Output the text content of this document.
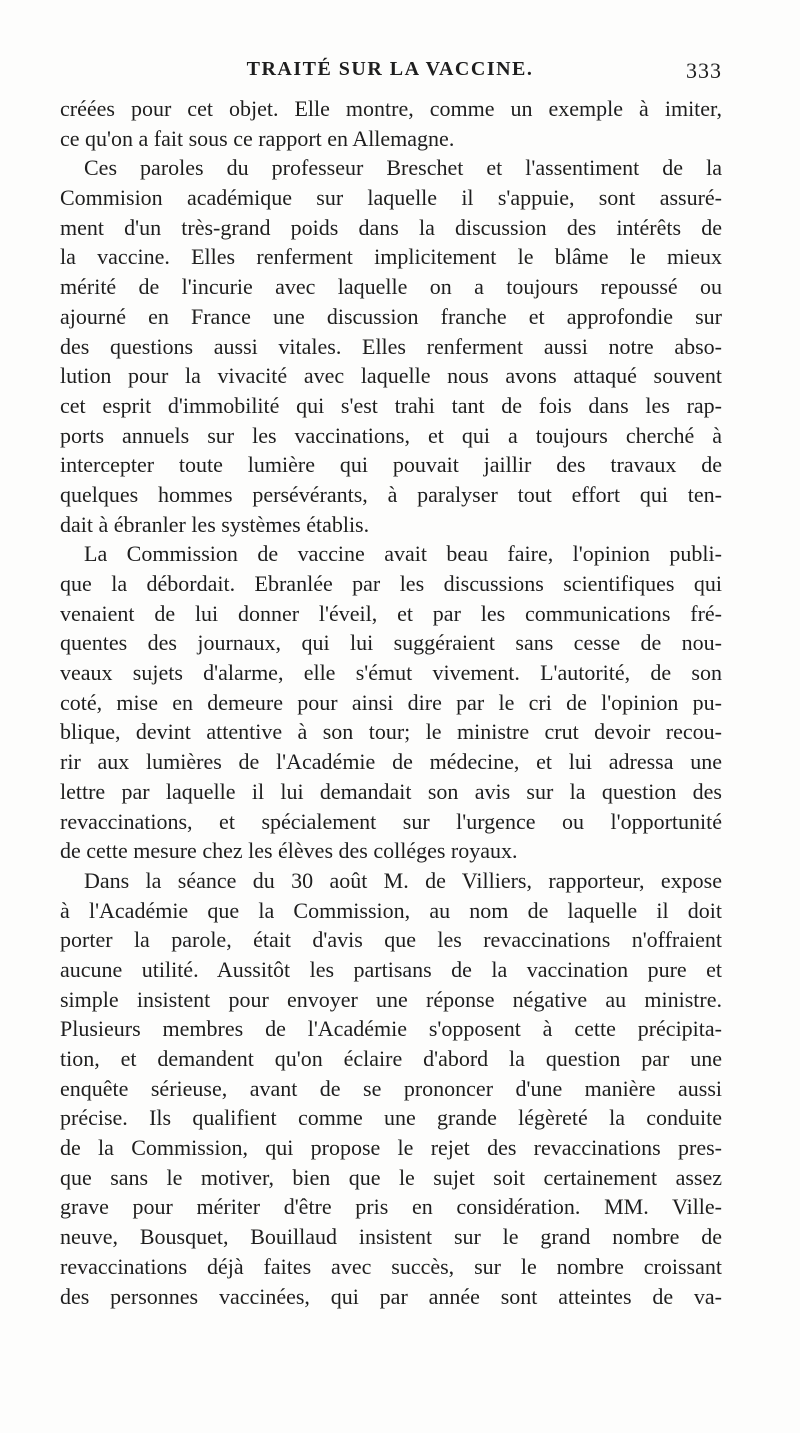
TRAITÉ SUR LA VACCINE.	333
créées pour cet objet. Elle montre, comme un exemple à imiter,
ce qu'on a fait sous ce rapport en Allemagne.
Ces paroles du professeur Breschet et l'assentiment de la
Commision académique sur laquelle il s'appuie, sont assuré-
ment d'un très-grand poids dans la discussion des intérêts de
la vaccine. Elles renferment implicitement le blâme le mieux
mérité de l'incurie avec laquelle on a toujours repoussé ou
ajourné en France une discussion franche et approfondie sur
des questions aussi vitales. Elles renferment aussi notre abso-
lution pour la vivacité avec laquelle nous avons attaqué souvent
cet esprit d'immobilité qui s'est trahi tant de fois dans les rap-
ports annuels sur les vaccinations, et qui a toujours cherché à
intercepter toute lumière qui pouvait jaillir des travaux de
quelques hommes persévérants, à paralyser tout effort qui ten-
dait à ébranler les systèmes établis.
La Commission de vaccine avait beau faire, l'opinion publi-
que la débordait. Ebranlée par les discussions scientifiques qui
venaient de lui donner l'éveil, et par les communications fré-
quentes des journaux, qui lui suggéraient sans cesse de nou-
veaux sujets d'alarme, elle s'émut vivement. L'autorité, de son
coté, mise en demeure pour ainsi dire par le cri de l'opinion pu-
blique, devint attentive à son tour; le ministre crut devoir recou-
rir aux lumières de l'Académie de médecine, et lui adressa une
lettre par laquelle il lui demandait son avis sur la question des
revaccinations, et spécialement sur l'urgence ou l'opportunité
de cette mesure chez les élèves des colléges royaux.
Dans la séance du 30 août M. de Villiers, rapporteur, expose
à l'Académie que la Commission, au nom de laquelle il doit
porter la parole, était d'avis que les revaccinations n'offraient
aucune utilité. Aussitôt les partisans de la vaccination pure et
simple insistent pour envoyer une réponse négative au ministre.
Plusieurs membres de l'Académie s'opposent à cette précipita-
tion, et demandent qu'on éclaire d'abord la question par une
enquête sérieuse, avant de se prononcer d'une manière aussi
précise. Ils qualifient comme une grande légèreté la conduite
de la Commission, qui propose le rejet des revaccinations pres-
que sans le motiver, bien que le sujet soit certainement assez
grave pour mériter d'être pris en considération. MM. Ville-
neuve, Bousquet, Bouillaud insistent sur le grand nombre de
revaccinations déjà faites avec succès, sur le nombre croissant
des personnes vaccinées, qui par année sont atteintes de va-
